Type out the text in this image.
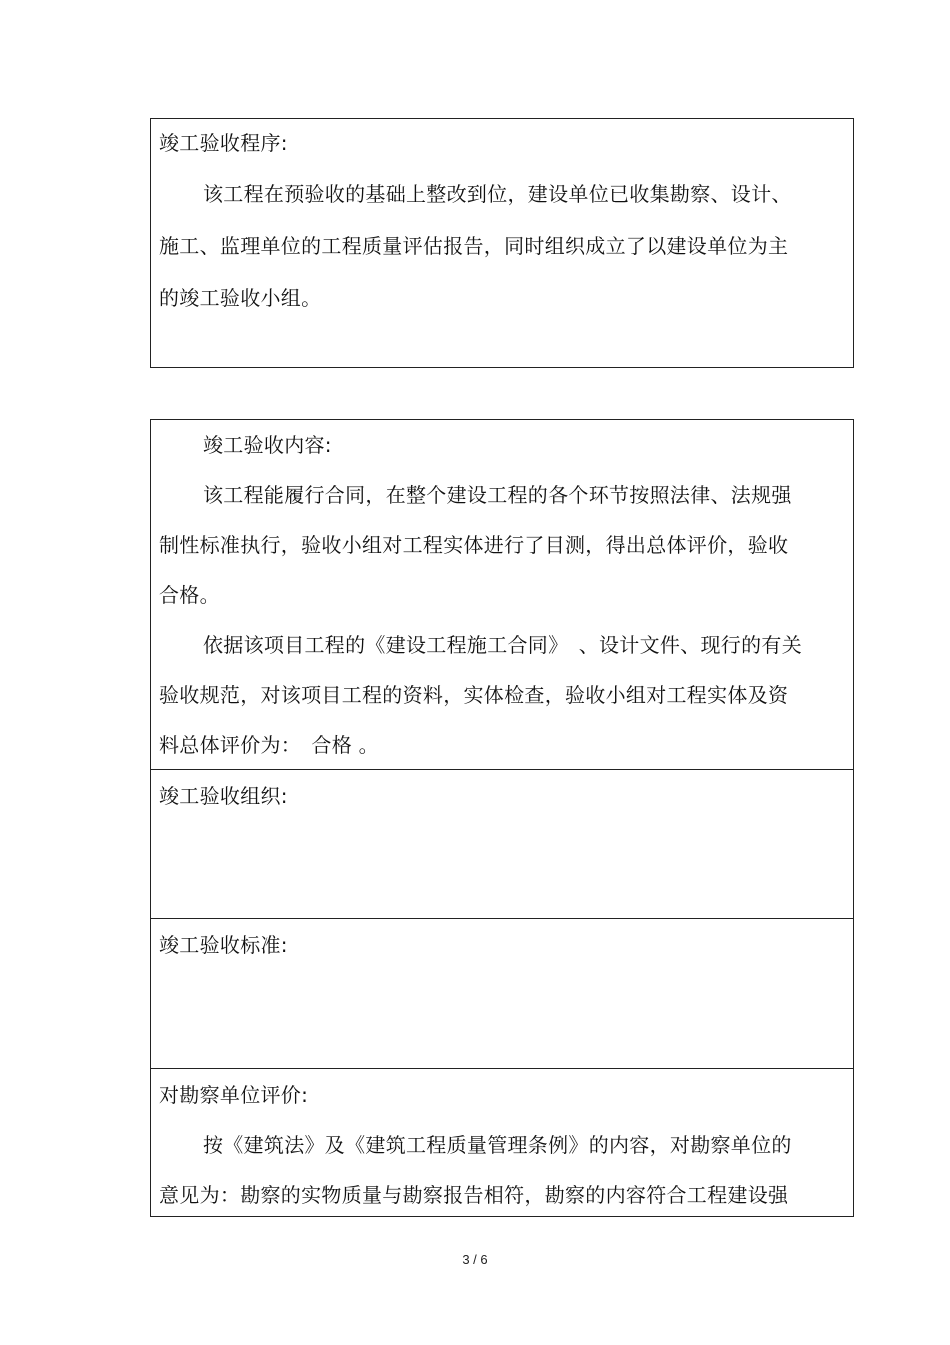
竣工验收程序:
该工程在预验收的基础上整改到位，建设单位已收集勘察、设计、
施工、监理单位的工程质量评估报告，同时组织成立了以建设单位为主
的竣工验收小组。
竣工验收内容:
该工程能履行合同，在整个建设工程的各个环节按照法律、法规强
制性标准执行，验收小组对工程实体进行了目测，得出总体评价，验收
合格。
依据该项目工程的《建设工程施工合同》　、设计文件、现行的有关
验收规范，对该项目工程的资料，实体检查，验收小组对工程实体及资
料总体评价为：　合格 。
竣工验收组织:
竣工验收标准:
对勘察单位评价:
按《建筑法》及《建筑工程质量管理条例》的内容，对勘察单位的
意见为：勘察的实物质量与勘察报告相符，勘察的内容符合工程建设强
3 / 6
